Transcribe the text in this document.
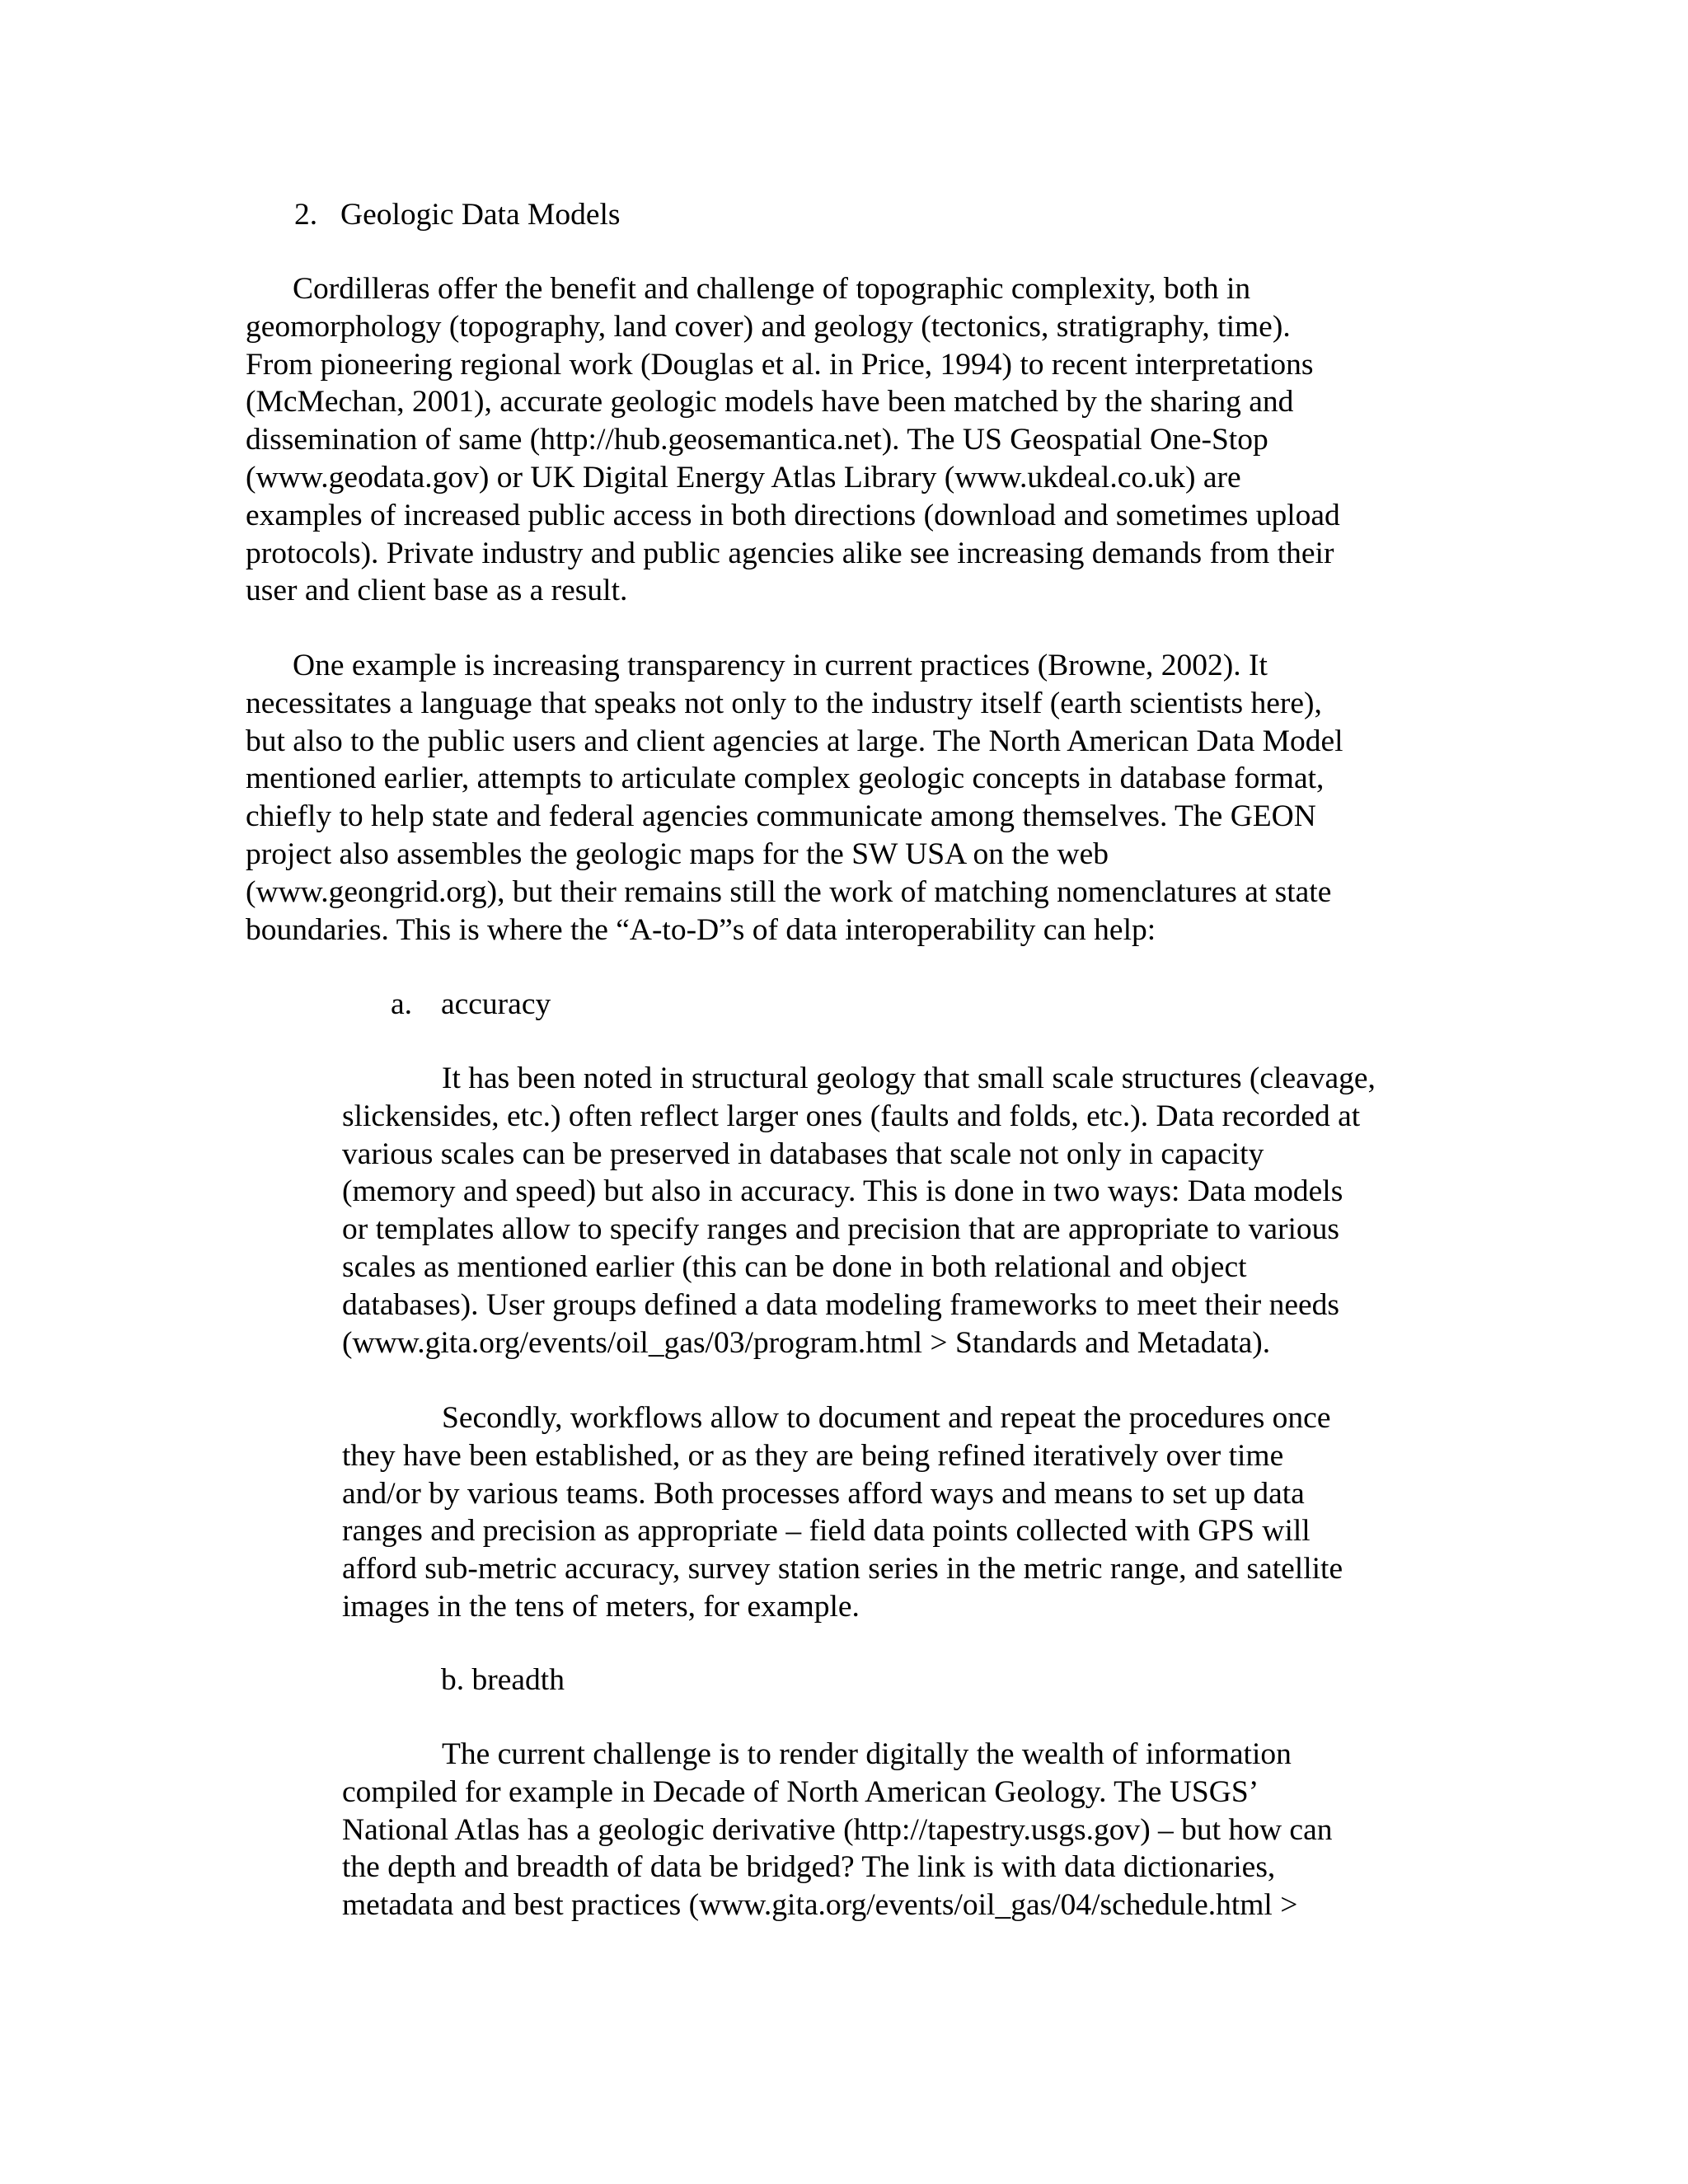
2. Geologic Data Models
Cordilleras offer the benefit and challenge of topographic complexity, both in
geomorphology (topography, land cover) and geology (tectonics, stratigraphy, time).
From pioneering regional work (Douglas et al. in Price, 1994) to recent interpretations
(McMechan, 2001), accurate geologic models have been matched by the sharing and
dissemination of same (http://hub.geosemantica.net). The US Geospatial One-Stop
(www.geodata.gov) or UK Digital Energy Atlas Library (www.ukdeal.co.uk) are
examples of increased public access in both directions (download and sometimes upload
protocols). Private industry and public agencies alike see increasing demands from their
user and client base as a result.
One example is increasing transparency in current practices (Browne, 2002). It
necessitates a language that speaks not only to the industry itself (earth scientists here),
but also to the public users and client agencies at large. The North American Data Model
mentioned earlier, attempts to articulate complex geologic concepts in database format,
chiefly to help state and federal agencies communicate among themselves. The GEON
project also assembles the geologic maps for the SW USA on the web
(www.geongrid.org), but their remains still the work of matching nomenclatures at state
boundaries. This is where the “A-to-D”s of data interoperability can help:
a. accuracy
It has been noted in structural geology that small scale structures (cleavage,
slickensides, etc.) often reflect larger ones (faults and folds, etc.). Data recorded at
various scales can be preserved in databases that scale not only in capacity
(memory and speed) but also in accuracy. This is done in two ways: Data models
or templates allow to specify ranges and precision that are appropriate to various
scales as mentioned earlier (this can be done in both relational and object
databases). User groups defined a data modeling frameworks to meet their needs
(www.gita.org/events/oil_gas/03/program.html > Standards and Metadata).
Secondly, workflows allow to document and repeat the procedures once
they have been established, or as they are being refined iteratively over time
and/or by various teams. Both processes afford ways and means to set up data
ranges and precision as appropriate – field data points collected with GPS will
afford sub-metric accuracy, survey station series in the metric range, and satellite
images in the tens of meters, for example.
b. breadth
The current challenge is to render digitally the wealth of information
compiled for example in Decade of North American Geology. The USGS’
National Atlas has a geologic derivative (http://tapestry.usgs.gov) – but how can
the depth and breadth of data be bridged? The link is with data dictionaries,
metadata and best practices (www.gita.org/events/oil_gas/04/schedule.html >
